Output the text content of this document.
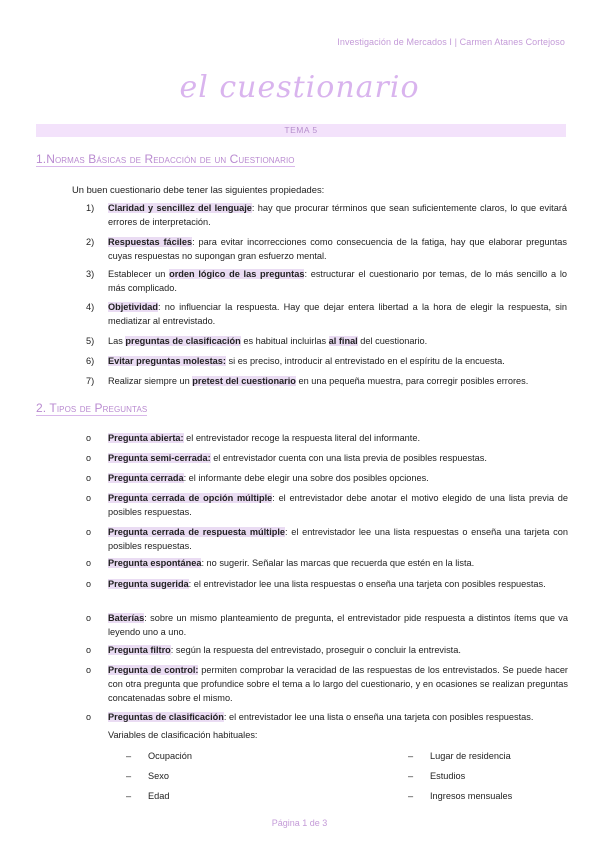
Investigación de Mercados I | Carmen Atanes Cortejoso
el cuestionario
TEMA 5
1.Normas Básicas de Redacción de un Cuestionario
Un buen cuestionario debe tener las siguientes propiedades:
1)	Claridad y sencillez del lenguaje: hay que procurar términos que sean suficientemente claros, lo que evitará errores de interpretación.
2)	Respuestas fáciles: para evitar incorrecciones como consecuencia de la fatiga, hay que elaborar preguntas cuyas respuestas no supongan gran esfuerzo mental.
3)	Establecer un orden lógico de las preguntas: estructurar el cuestionario por temas, de lo más sencillo a lo más complicado.
4)	Objetividad: no influenciar la respuesta. Hay que dejar entera libertad a la hora de elegir la respuesta, sin mediatizar al entrevistado.
5)	Las preguntas de clasificación es habitual incluirlas al final del cuestionario.
6)	Evitar preguntas molestas: si es preciso, introducir al entrevistado en el espíritu de la encuesta.
7)	Realizar siempre un pretest del cuestionario en una pequeña muestra, para corregir posibles errores.
2. Tipos de Preguntas
o Pregunta abierta: el entrevistador recoge la respuesta literal del informante.
o Pregunta semi-cerrada: el entrevistador cuenta con una lista previa de posibles respuestas.
o Pregunta cerrada: el informante debe elegir una sobre dos posibles opciones.
o Pregunta cerrada de opción múltiple: el entrevistador debe anotar el motivo elegido de una lista previa de posibles respuestas.
o Pregunta cerrada de respuesta múltiple: el entrevistador lee una lista respuestas o enseña una tarjeta con posibles respuestas.
o Pregunta espontánea: no sugerir. Señalar las marcas que recuerda que estén en la lista.
o Pregunta sugerida: el entrevistador lee una lista respuestas o enseña una tarjeta con posibles respuestas.
o Baterías: sobre un mismo planteamiento de pregunta, el entrevistador pide respuesta a distintos ítems que va leyendo uno a uno.
o Pregunta filtro: según la respuesta del entrevistado, proseguir o concluir la entrevista.
o Pregunta de control: permiten comprobar la veracidad de las respuestas de los entrevistados. Se puede hacer con otra pregunta que profundice sobre el tema a lo largo del cuestionario, y en ocasiones se realizan preguntas concatenadas sobre el mismo.
o Preguntas de clasificación: el entrevistador lee una lista o enseña una tarjeta con posibles respuestas.
Variables de clasificación habituales:
– Ocupación
– Sexo
– Edad
– Lugar de residencia
– Estudios
– Ingresos mensuales
Página 1 de 3
